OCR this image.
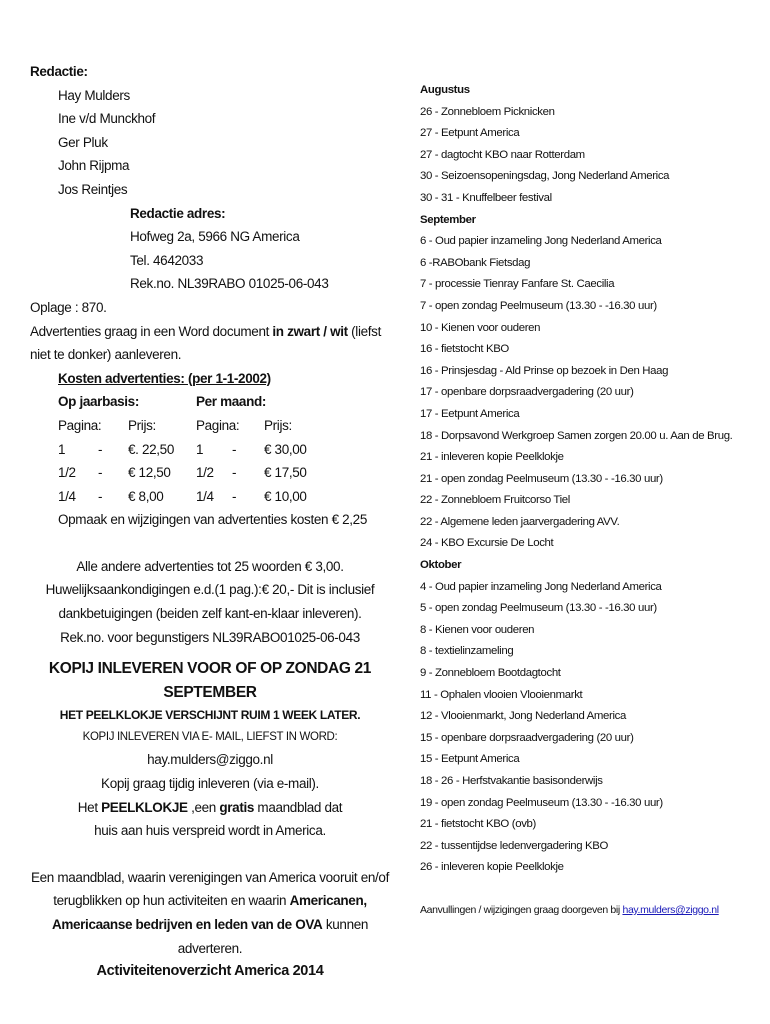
Redactie:
Hay Mulders
Ine v/d Munckhof
Ger Pluk
John Rijpma
Jos Reintjes
Redactie adres:
Hofweg 2a, 5966 NG America
Tel. 4642033
Rek.no. NL39RABO 01025-06-043
Oplage : 870.
Advertenties graag in een Word document in zwart / wit (liefst niet te donker) aanleveren.
Kosten advertenties: (per 1-1-2002)
Op jaarbasis:	Per maand:
Pagina:	Prijs:	Pagina:	Prijs:
1	-	€. 22,50	1	-	€ 30,00
1/2	-	€ 12,50	1/2	-	€ 17,50
1/4	-	€ 8,00	1/4	-	€ 10,00
Opmaak en wijzigingen van advertenties kosten € 2,25
Alle andere advertenties tot 25 woorden € 3,00.
Huwelijksaankondigingen e.d.(1 pag.):€ 20,- Dit is inclusief
dankbetuigingen (beiden zelf kant-en-klaar inleveren).
Rek.no. voor begunstigers NL39RABO01025-06-043
KOPIJ INLEVEREN VOOR OF OP ZONDAG 21 SEPTEMBER
HET PEELKLOKJE VERSCHIJNT RUIM 1 WEEK LATER.
KOPIJ INLEVEREN VIA E- MAIL, LIEFST IN WORD:
hay.mulders@ziggo.nl
Kopij graag tijdig inleveren (via e-mail).
Het PEELKLOKJE ,een gratis maandblad dat
huis aan huis verspreid wordt in America.
Een maandblad, waarin verenigingen van America vooruit en/of
terugblikken op hun activiteiten en waarin Americanen,
Americaanse bedrijven en leden van de OVA kunnen adverteren.
Activiteitenoverzicht America 2014
Augustus
26 - Zonnebloem Picknicken
27 - Eetpunt America
27 - dagtocht KBO naar Rotterdam
30 - Seizoensopeningsdag, Jong Nederland America
30 - 31 - Knuffelbeer festival
September
6 - Oud papier inzameling Jong Nederland America
6 -RABObank Fietsdag
7 - processie Tienray Fanfare St. Caecilia
7 - open zondag Peelmuseum (13.30 - -16.30 uur)
10 - Kienen voor ouderen
16 - fietstocht KBO
16 - Prinsjesdag - Ald Prinse op bezoek in Den Haag
17 - openbare dorpsraadvergadering (20 uur)
17 - Eetpunt America
18 - Dorpsavond Werkgroep Samen zorgen 20.00 u. Aan de Brug.
21 - inleveren kopie Peelklokje
21 - open zondag Peelmuseum (13.30 - -16.30 uur)
22 - Zonnebloem Fruitcorso Tiel
22 - Algemene leden jaarvergadering AVV.
24 - KBO Excursie De Locht
Oktober
4 - Oud papier inzameling Jong Nederland America
5 - open zondag Peelmuseum (13.30 - -16.30 uur)
8 - Kienen voor ouderen
8 - textielinzameling
9 - Zonnebloem Bootdagtocht
11 - Ophalen vlooien Vlooienmarkt
12 - Vlooienmarkt, Jong Nederland America
15 - openbare dorpsraadvergadering (20 uur)
15 - Eetpunt America
18 - 26 - Herfstvakantie basisonderwijs
19 - open zondag Peelmuseum (13.30 - -16.30 uur)
21 - fietstocht KBO (ovb)
22 - tussentijdse ledenvergadering KBO
26 - inleveren kopie Peelklokje
Aanvullingen / wijzigingen graag doorgeven bij hay.mulders@ziggo.nl
